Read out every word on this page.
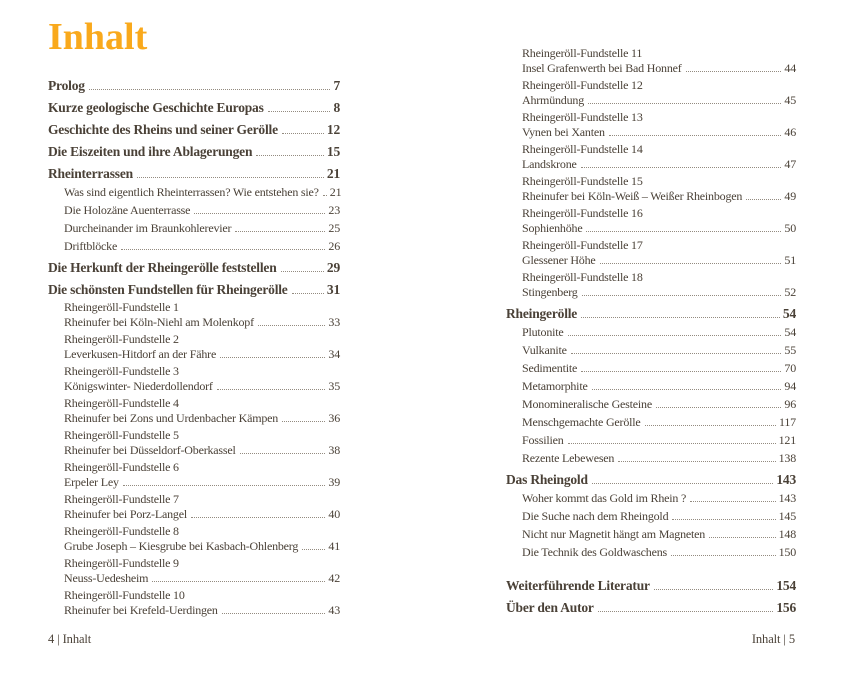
Inhalt
Prolog	7
Kurze geologische Geschichte Europas	8
Geschichte des Rheins und seiner Gerölle	12
Die Eiszeiten und ihre Ablagerungen	15
Rheinterrassen	21
Was sind eigentlich Rheinterrassen? Wie entstehen sie? 21
Die Holozäne Auenterrasse	23
Durcheinander im Braunkohlerevier	25
Driftblöcke	26
Die Herkunft der Rheingerölle feststellen	29
Die schönsten Fundstellen für Rheingerölle	31
Rheingeröll-Fundstelle 1
Rheinufer bei Köln-Niehl am Molenkopf	33
Rheingeröll-Fundstelle 2
Leverkusen-Hitdorf an der Fähre	34
Rheingeröll-Fundstelle 3
Königswinter- Niederdollendorf	35
Rheingeröll-Fundstelle 4
Rheinufer bei Zons und Urdenbacher Kämpen	36
Rheingeröll-Fundstelle 5
Rheinufer bei Düsseldorf-Oberkassel	38
Rheingeröll-Fundstelle 6
Erpeler Ley	39
Rheingeröll-Fundstelle 7
Rheinufer bei Porz-Langel	40
Rheingeröll-Fundstelle 8
Grube Joseph – Kiesgrube bei Kasbach-Ohlenberg	41
Rheingeröll-Fundstelle 9
Neuss-Uedesheim	42
Rheingeröll-Fundstelle 10
Rheinufer bei Krefeld-Uerdingen	43
Rheingeröll-Fundstelle 11
Insel Grafenwerth bei Bad Honnef	44
Rheingeröll-Fundstelle 12
Ahrmündung	45
Rheingeröll-Fundstelle 13
Vynen bei Xanten	46
Rheingeröll-Fundstelle 14
Landskrone	47
Rheingeröll-Fundstelle 15
Rheinufer bei Köln-Weiß – Weißer Rheinbogen	49
Rheingeröll-Fundstelle 16
Sophienhöhe	50
Rheingeröll-Fundstelle 17
Glessener Höhe	51
Rheingeröll-Fundstelle 18
Stingenberg	52
Rheingerölle	54
Plutonite	54
Vulkanite	55
Sedimentite	70
Metamorphite	94
Monomineralische Gesteine	96
Menschgemachte Gerölle	117
Fossilien	121
Rezente Lebewesen	138
Das Rheingold	143
Woher kommt das Gold im Rhein ?	143
Die Suche nach dem Rheingold	145
Nicht nur Magnetit hängt am Magneten	148
Die Technik des Goldwaschens	150
Weiterführende Literatur	154
Über den Autor	156
4 | Inhalt	Inhalt | 5
